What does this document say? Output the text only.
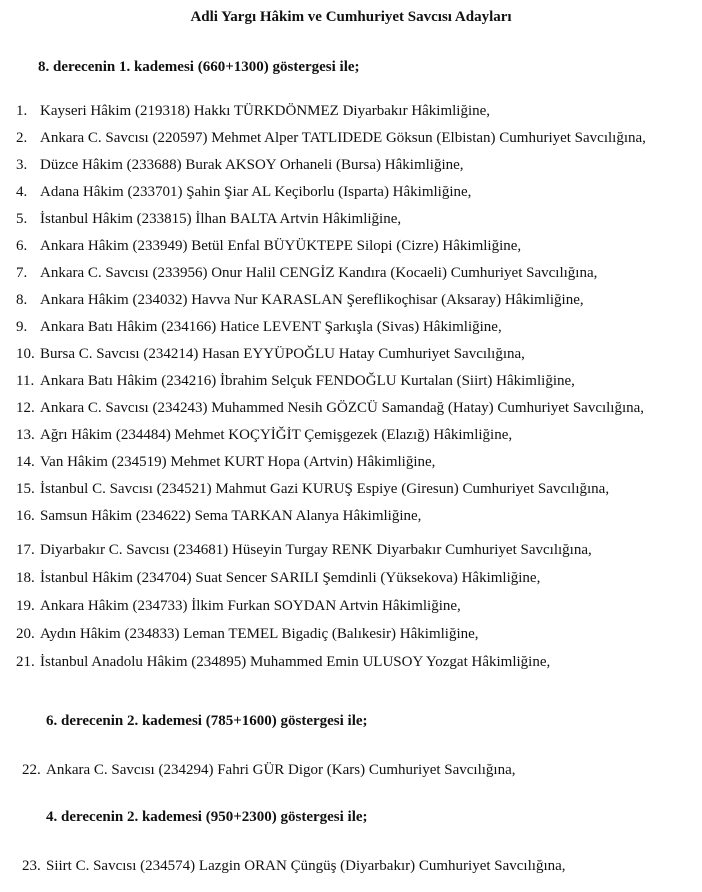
Adli Yargı Hâkim ve Cumhuriyet Savcısı Adayları
8. derecenin 1. kademesi (660+1300) göstergesi ile;
1. Kayseri Hâkim (219318) Hakkı TÜRKDÖNMEZ Diyarbakır Hâkimliğine,
2. Ankara C. Savcısı (220597) Mehmet Alper TATLIDEDE Göksun (Elbistan) Cumhuriyet Savcılığına,
3. Düzce Hâkim (233688) Burak AKSOY Orhaneli (Bursa) Hâkimliğine,
4. Adana Hâkim (233701) Şahin Şiar AL Keçiborlu (Isparta) Hâkimliğine,
5. İstanbul Hâkim (233815) İlhan BALTA Artvin Hâkimliğine,
6. Ankara Hâkim (233949) Betül Enfal BÜYÜKTEPE Silopi (Cizre) Hâkimliğine,
7. Ankara C. Savcısı (233956) Onur Halil CENGİZ Kandıra (Kocaeli) Cumhuriyet Savcılığına,
8. Ankara Hâkim (234032) Havva Nur KARASLAN Şereflikoçhisar (Aksaray) Hâkimliğine,
9. Ankara Batı Hâkim (234166) Hatice LEVENT Şarkışla (Sivas) Hâkimliğine,
10. Bursa C. Savcısı (234214) Hasan EYYÜPOĞLU Hatay Cumhuriyet Savcılığına,
11. Ankara Batı Hâkim (234216) İbrahim Selçuk FENDOĞLU Kurtalan (Siirt) Hâkimliğine,
12. Ankara C. Savcısı (234243) Muhammed Nesih GÖZCÜ Samandağ (Hatay) Cumhuriyet Savcılığına,
13. Ağrı Hâkim (234484) Mehmet KOÇYİĞİT Çemişgezek (Elazığ) Hâkimliğine,
14. Van Hâkim (234519) Mehmet KURT Hopa (Artvin) Hâkimliğine,
15. İstanbul C. Savcısı (234521) Mahmut Gazi KURUŞ Espiye (Giresun) Cumhuriyet Savcılığına,
16. Samsun Hâkim (234622) Sema TARKAN Alanya Hâkimliğine,
17. Diyarbakır C. Savcısı (234681) Hüseyin Turgay RENK Diyarbakır Cumhuriyet Savcılığına,
18. İstanbul Hâkim (234704) Suat Sencer SARILI Şemdinli (Yüksekova) Hâkimliğine,
19. Ankara Hâkim (234733) İlkim Furkan SOYDAN Artvin Hâkimliğine,
20. Aydın Hâkim (234833) Leman TEMEL Bigadiç (Balıkesir) Hâkimliğine,
21. İstanbul Anadolu Hâkim (234895) Muhammed Emin ULUSOY Yozgat Hâkimliğine,
6. derecenin 2. kademesi (785+1600) göstergesi ile;
22. Ankara C. Savcısı (234294) Fahri GÜR Digor (Kars) Cumhuriyet Savcılığına,
4. derecenin 2. kademesi (950+2300) göstergesi ile;
23. Siirt C. Savcısı (234574) Lazgin ORAN Çüngüş (Diyarbakır) Cumhuriyet Savcılığına,
